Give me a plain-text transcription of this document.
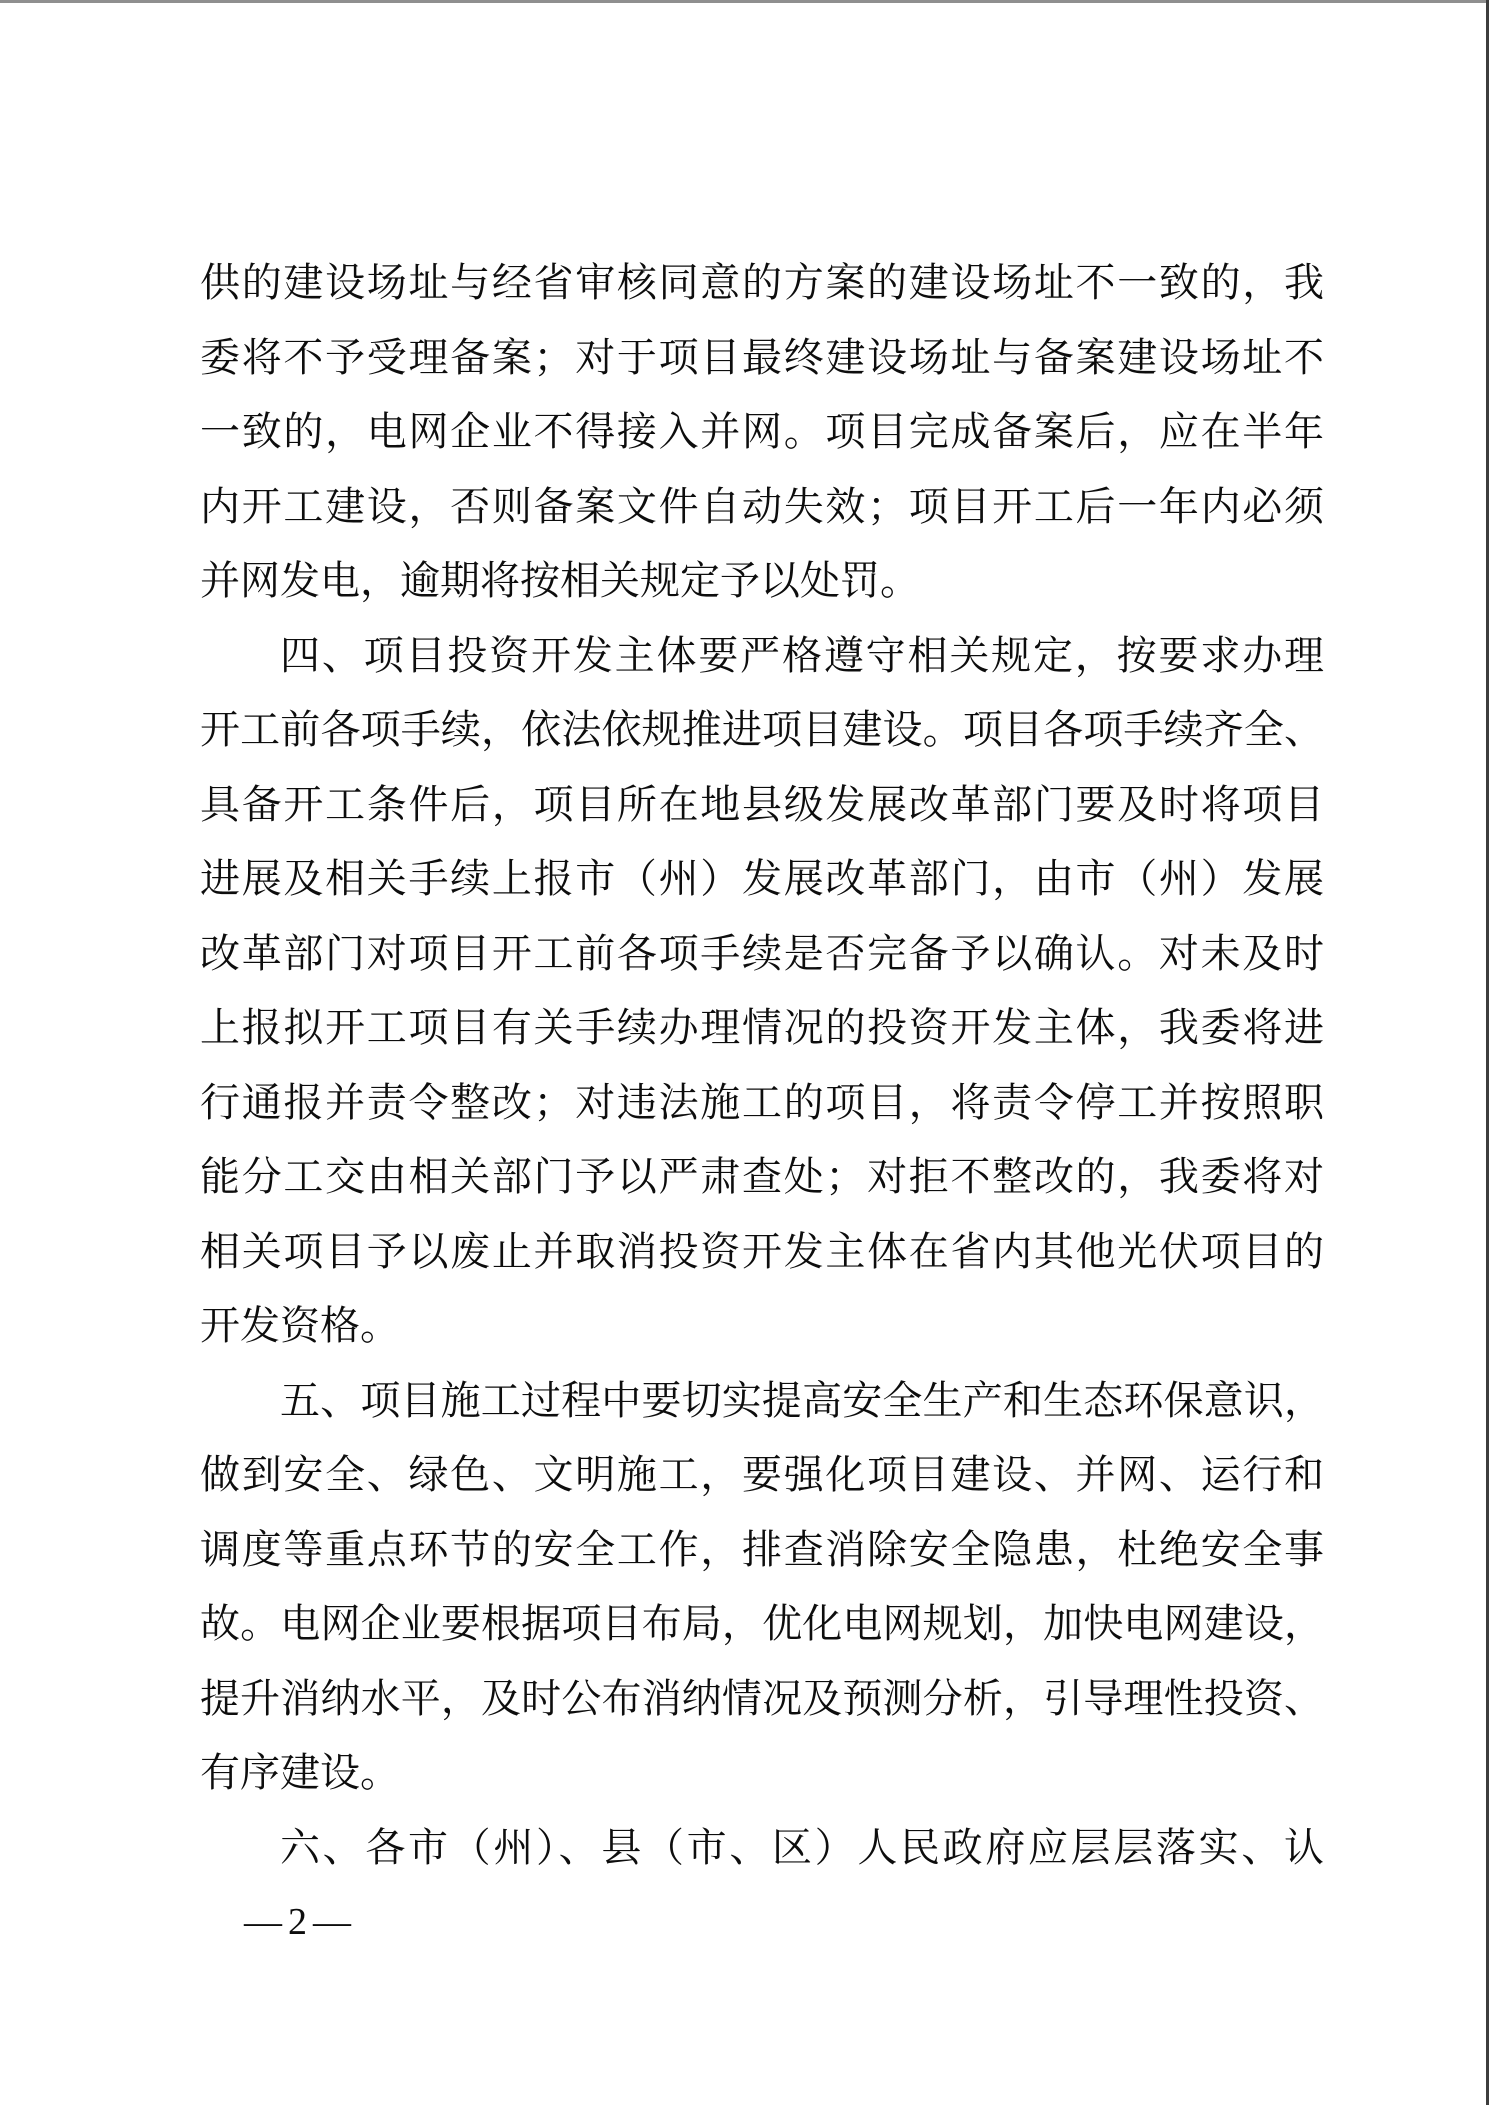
供的建设场址与经省审核同意的方案的建设场址不一致的，我
委将不予受理备案；对于项目最终建设场址与备案建设场址不
一致的，电网企业不得接入并网。项目完成备案后，应在半年
内开工建设，否则备案文件自动失效；项目开工后一年内必须
并网发电，逾期将按相关规定予以处罚。
四、项目投资开发主体要严格遵守相关规定，按要求办理
开工前各项手续，依法依规推进项目建设。项目各项手续齐全、
具备开工条件后，项目所在地县级发展改革部门要及时将项目
进展及相关手续上报市（州）发展改革部门，由市（州）发展
改革部门对项目开工前各项手续是否完备予以确认。对未及时
上报拟开工项目有关手续办理情况的投资开发主体，我委将进
行通报并责令整改；对违法施工的项目，将责令停工并按照职
能分工交由相关部门予以严肃查处；对拒不整改的，我委将对
相关项目予以废止并取消投资开发主体在省内其他光伏项目的
开发资格。
五、项目施工过程中要切实提高安全生产和生态环保意识，
做到安全、绿色、文明施工，要强化项目建设、并网、运行和
调度等重点环节的安全工作，排查消除安全隐患，杜绝安全事
故。电网企业要根据项目布局，优化电网规划，加快电网建设，
提升消纳水平，及时公布消纳情况及预测分析，引导理性投资、
有序建设。
六、各市（州）、县（市、区）人民政府应层层落实、认
—2—
